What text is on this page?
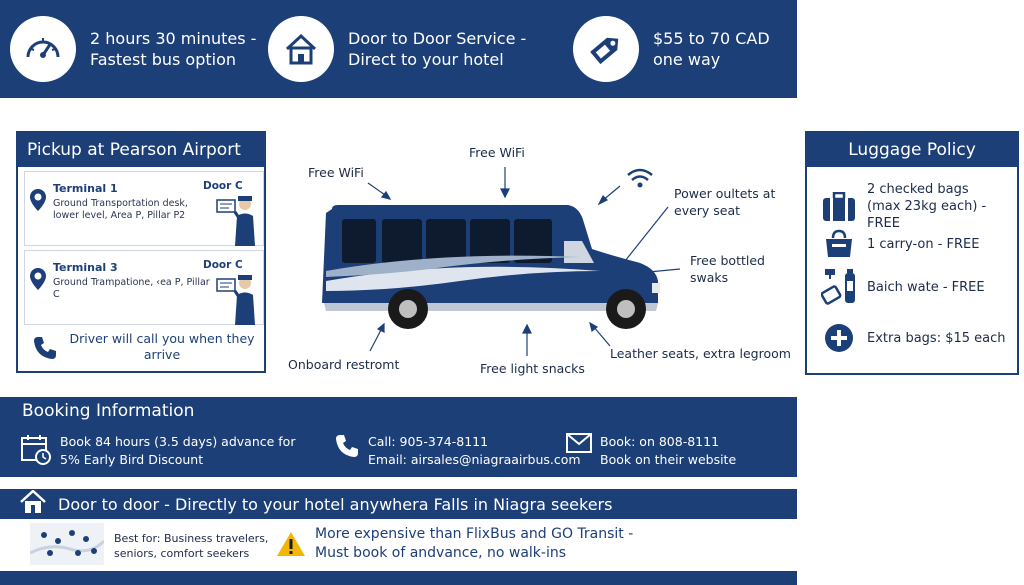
2 hours 30 minutes -
Fastest bus option
Door to Door Service -
Direct to your hotel
$55 to 70 CAD
one way
Pickup at Pearson Airport
Terminal 1
Ground Transportation desk, lower level, Area P, Pillar P2
Door C
Terminal 3
Ground Trampatione, ‹ea P, Pillar C
Door C
Driver will call you when they arrive
Free WiFi
Free WiFi
Power oultets at every seat
Free bottled swaks
Onboard restromt	Free light snacks
Leather seats, extra legroom
Luggage Policy
2 checked bags
(max 23kg each) - FREE
1 carry-on - FREE
Baich wate - FREE
Extra bags: $15 each
Booking Information
Book 84 hours (3.5 days) advance for
5% Early Bird Discount
Call: 905-374-8111
Email: airsales@niagraairbus.com
Book: on 808-8111
Book on their website
Door to door - Directly to your hotel anywhera Falls in Niagra seekers
Best for: Business travelers,
seniors, comfort seekers
More expensive than FlixBus and GO Transit -
Must book of andvance, no walk-ins
